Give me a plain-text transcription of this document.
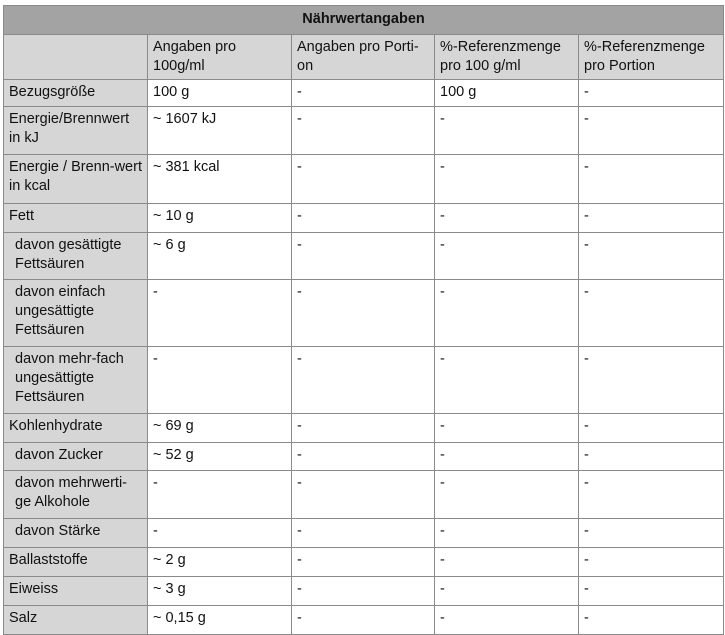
Nährwertangaben				
	Angaben pro 100g/ml	Angaben pro Porti-on	%-Referenzmenge pro 100 g/ml	%-Referenzmenge pro Portion
Bezugsgröße	100 g	-	100 g	-
Energie/Brennwert in kJ	~ 1607 kJ	-	-	-
Energie / Brenn-wert in kcal	~ 381 kcal	-	-	-
Fett	~ 10 g	-	-	-
davon gesättigte Fettsäuren	~ 6 g	-	-	-
davon einfach ungesättigte Fettsäuren	-	-	-	-
davon mehr-fach ungesättigte Fettsäuren	-	-	-	-
Kohlenhydrate	~ 69 g	-	-	-
davon Zucker	~ 52 g	-	-	-
davon mehrwerti-ge Alkohole	-	-	-	-
davon Stärke	-	-	-	-
Ballaststoffe	~ 2 g	-	-	-
Eiweiss	~ 3 g	-	-	-
Salz	~ 0,15 g	-	-	-
